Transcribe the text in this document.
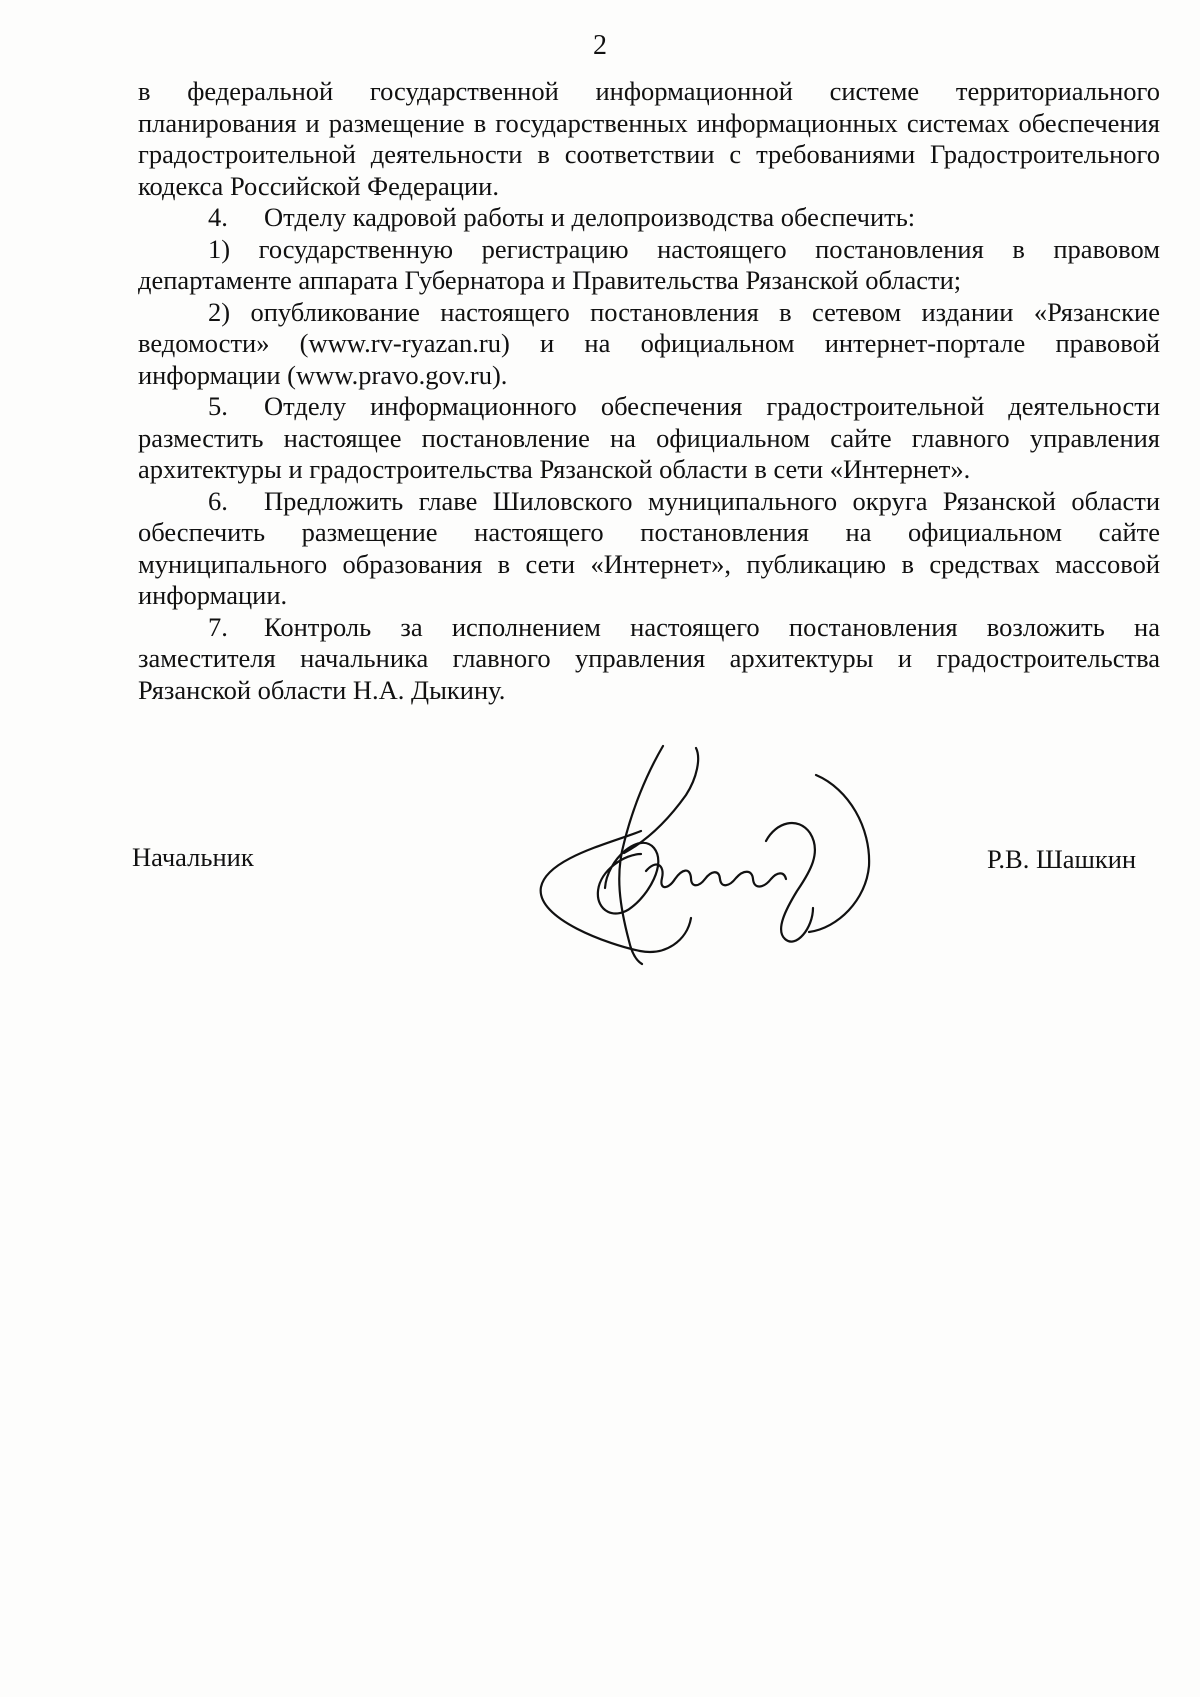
2

в федеральной государственной информационной системе территориального планирования и размещение в государственных информационных системах обеспечения градостроительной деятельности в соответствии с требованиями Градостроительного кодекса Российской Федерации.

4. Отделу кадровой работы и делопроизводства обеспечить:

1) государственную регистрацию настоящего постановления в правовом департаменте аппарата Губернатора и Правительства Рязанской области;

2) опубликование настоящего постановления в сетевом издании «Рязанские ведомости» (www.rv-ryazan.ru) и на официальном интернет-портале правовой информации (www.pravo.gov.ru).

5. Отделу информационного обеспечения градостроительной деятельности разместить настоящее постановление на официальном сайте главного управления архитектуры и градостроительства Рязанской области в сети «Интернет».

6. Предложить главе Шиловского муниципального округа Рязанской области обеспечить размещение настоящего постановления на официальном сайте муниципального образования в сети «Интернет», публикацию в средствах массовой информации.

7. Контроль за исполнением настоящего постановления возложить на заместителя начальника главного управления архитектуры и градостроительства Рязанской области Н.А. Дыкину.

Начальник	Р.В. Шашкин
